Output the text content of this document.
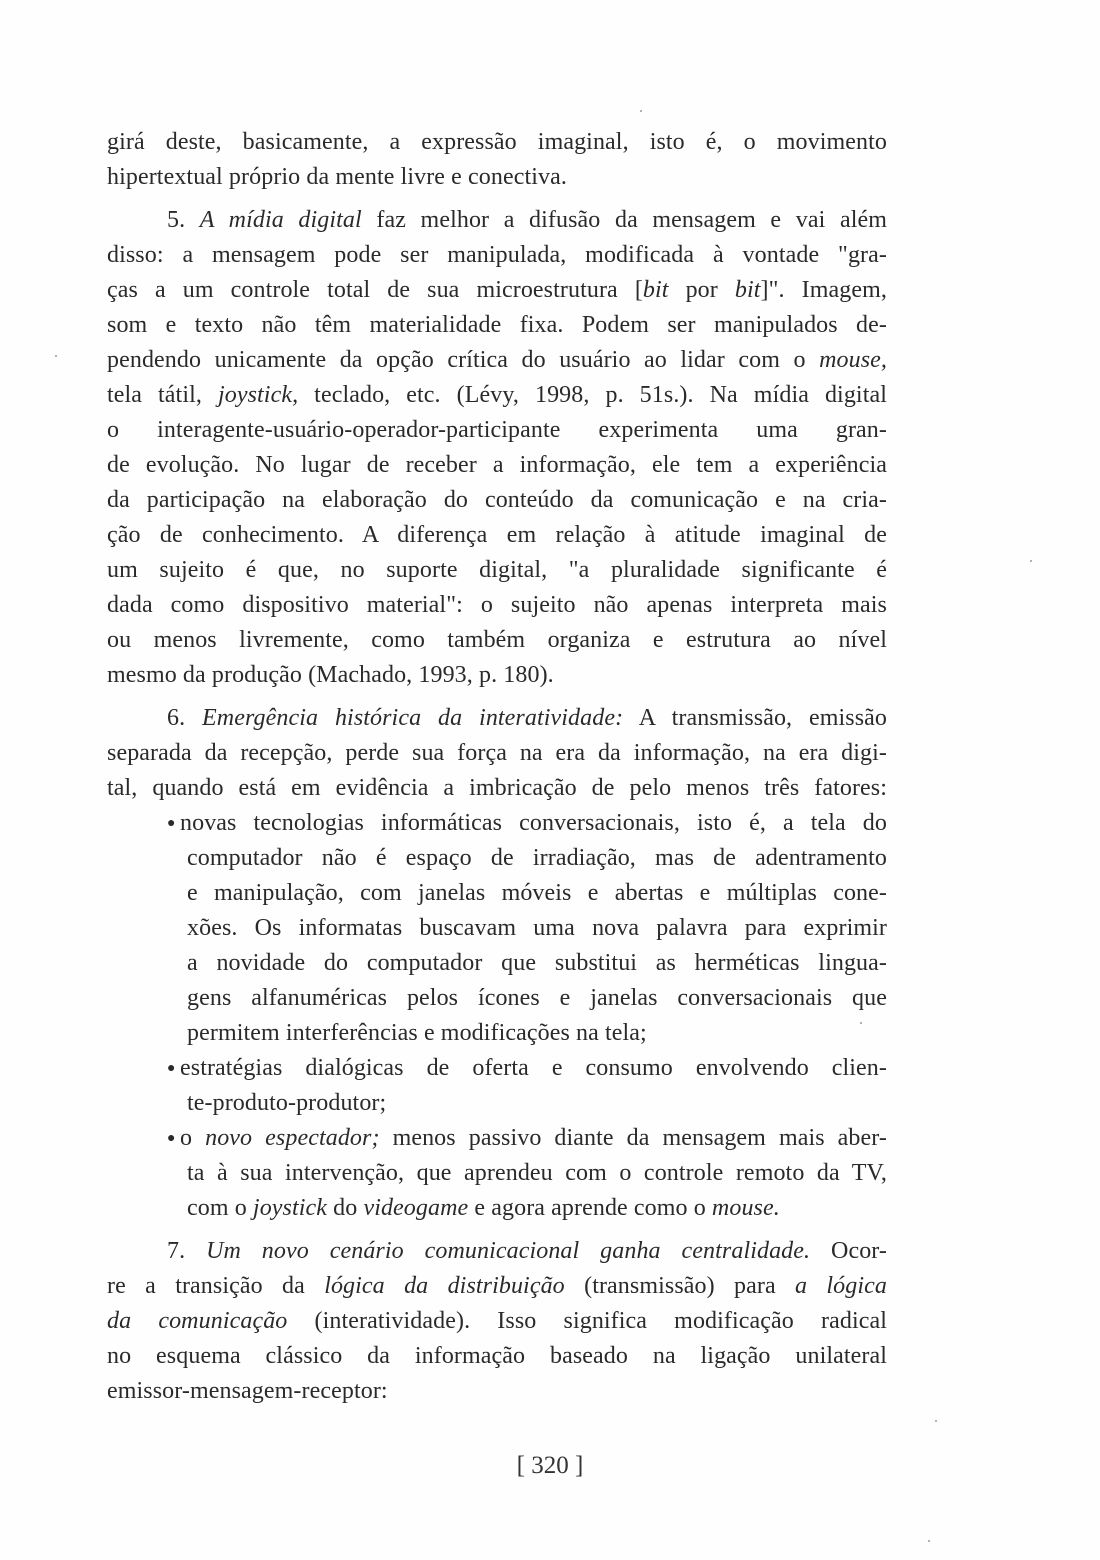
girá deste, basicamente, a expressão imaginal, isto é, o movimento
hipertextual próprio da mente livre e conectiva.
5. A mídia digital faz melhor a difusão da mensagem e vai além
disso: a mensagem pode ser manipulada, modificada à vontade "gra-
ças a um controle total de sua microestrutura [bit por bit]". Imagem,
som e texto não têm materialidade fixa. Podem ser manipulados de-
pendendo unicamente da opção crítica do usuário ao lidar com o mouse,
tela tátil, joystick, teclado, etc. (Lévy, 1998, p. 51s.). Na mídia digital
o interagente-usuário-operador-participante experimenta uma gran-
de evolução. No lugar de receber a informação, ele tem a experiência
da participação na elaboração do conteúdo da comunicação e na cria-
ção de conhecimento. A diferença em relação à atitude imaginal de
um sujeito é que, no suporte digital, "a pluralidade significante é
dada como dispositivo material": o sujeito não apenas interpreta mais
ou menos livremente, como também organiza e estrutura ao nível
mesmo da produção (Machado, 1993, p. 180).
6. Emergência histórica da interatividade: A transmissão, emissão
separada da recepção, perde sua força na era da informação, na era digi-
tal, quando está em evidência a imbricação de pelo menos três fatores:
● novas tecnologias informáticas conversacionais, isto é, a tela do
computador não é espaço de irradiação, mas de adentramento
e manipulação, com janelas móveis e abertas e múltiplas cone-
xões. Os informatas buscavam uma nova palavra para exprimir
a novidade do computador que substitui as herméticas lingua-
gens alfanuméricas pelos ícones e janelas conversacionais que
permitem interferências e modificações na tela;
● estratégias dialógicas de oferta e consumo envolvendo clien-
te-produto-produtor;
● o novo espectador; menos passivo diante da mensagem mais aber-
ta à sua intervenção, que aprendeu com o controle remoto da TV,
com o joystick do videogame e agora aprende como o mouse.
7. Um novo cenário comunicacional ganha centralidade. Ocor-
re a transição da lógica da distribuição (transmissão) para a lógica
da comunicação (interatividade). Isso significa modificação radical
no esquema clássico da informação baseado na ligação unilateral
emissor-mensagem-receptor:
[ 320 ]
